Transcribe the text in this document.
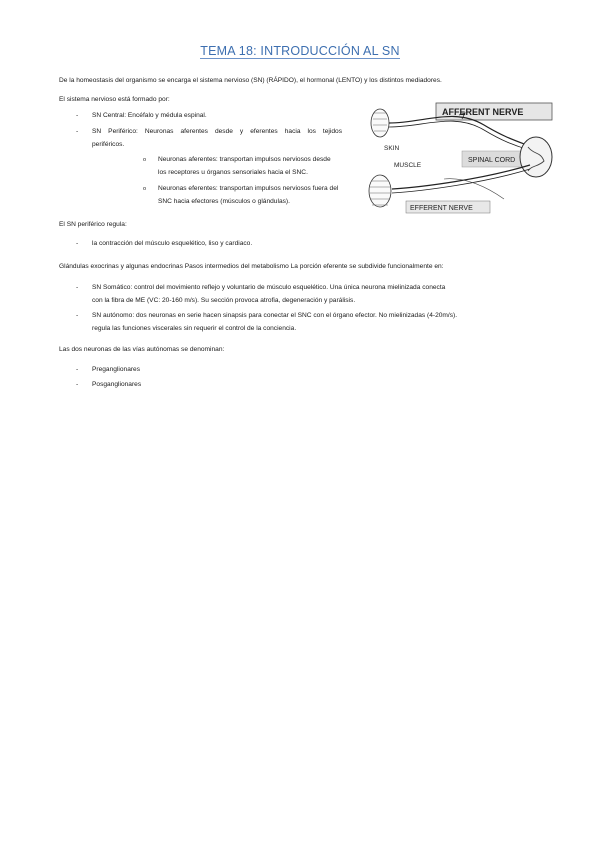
TEMA 18: INTRODUCCIÓN AL SN
De la homeostasis del organismo se encarga el sistema nervioso (SN) (RÁPIDO), el hormonal (LENTO) y los distintos mediadores.
El sistema nervioso está formado por:
- SN Central: Encéfalo y médula espinal.
- SN Periférico: Neuronas aferentes desde y eferentes hacia los tejidos
periféricos.
o Neuronas aferentes: transportan impulsos nerviosos desde
los receptores u órganos sensoriales hacia el SNC.
o Neuronas eferentes: transportan impulsos nerviosos fuera del
SNC hacia efectores (músculos o glándulas).
AFFERENT NERVE
SKIN
MUSCLE
SPINAL CORD
EFFERENT NERVE
El SN periférico regula:
- la contracción del músculo esquelético, liso y cardiaco.
Glándulas exocrinas y algunas endocrinas Pasos intermedios del metabolismo La porción eferente se subdivide funcionalmente en:
- SN Somático: control del movimiento reflejo y voluntario de músculo esquelético. Una única neurona mielinizada conecta
con la fibra de ME (VC: 20-160 m/s). Su sección provoca atrofia, degeneración y parálisis.
- SN autónomo: dos neuronas en serie hacen sinapsis para conectar el SNC con el órgano efector. No mielinizadas (4-20m/s).
regula las funciones viscerales sin requerir el control de la conciencia.
Las dos neuronas de las vías autónomas se denominan:
- Preganglionares
- Posganglionares
